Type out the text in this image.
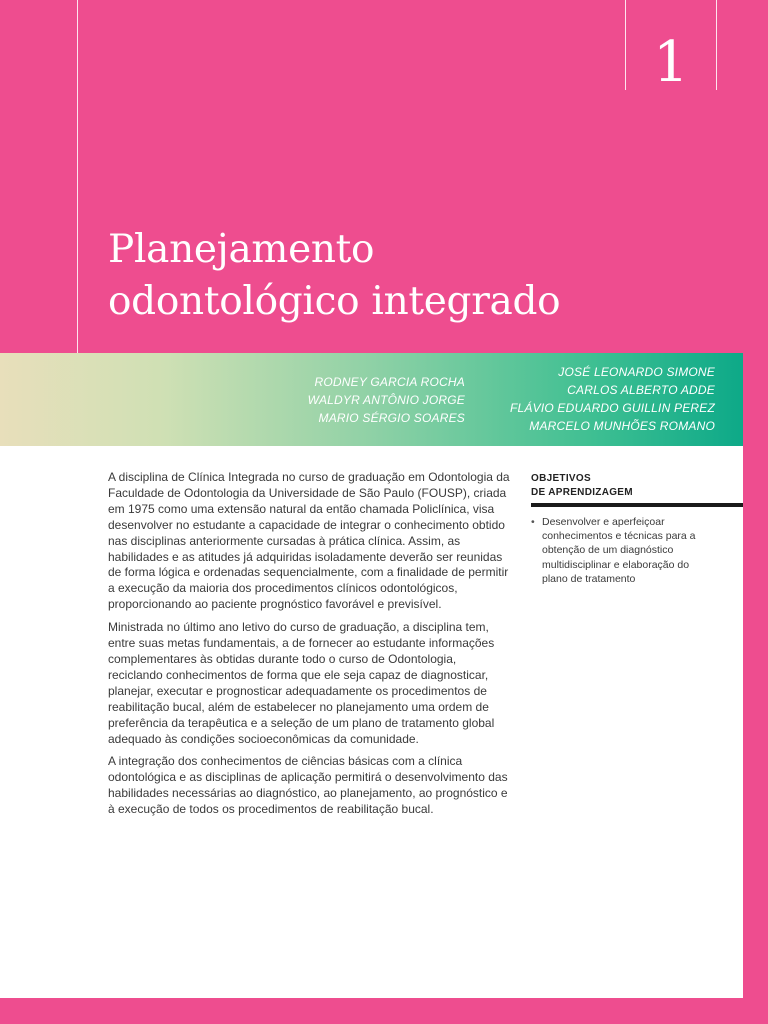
1
Planejamento
odontológico integrado
RODNEY GARCIA ROCHA
WALDYR ANTÔNIO JORGE
MARIO SÉRGIO SOARES
JOSÉ LEONARDO SIMONE
CARLOS ALBERTO ADDE
FLÁVIO EDUARDO GUILLIN PEREZ
MARCELO MUNHÕES ROMANO

A disciplina de Clínica Integrada no curso de graduação em Odontologia da Faculdade de Odontologia da Universidade de São Paulo (FOUSP), criada em 1975 como uma extensão natural da então chamada Policlínica, visa desenvolver no estudante a capacidade de integrar o conhecimento obtido nas disciplinas anteriormente cursadas à prática clínica. Assim, as habilidades e as atitudes já adquiridas isoladamente deverão ser reunidas de forma lógica e ordenadas sequencialmente, com a finalidade de permitir a execução da maioria dos procedimentos clínicos odontológicos, proporcionando ao paciente prognóstico favorável e previsível.

Ministrada no último ano letivo do curso de graduação, a disciplina tem, entre suas metas fundamentais, a de fornecer ao estudante informações complementares às obtidas durante todo o curso de Odontologia, reciclando conhecimentos de forma que ele seja capaz de diagnosticar, planejar, executar e prognosticar adequadamente os procedimentos de reabilitação bucal, além de estabelecer no planejamento uma ordem de preferência da terapêutica e a seleção de um plano de tratamento global adequado às condições socioeconômicas da comunidade.

A integração dos conhecimentos de ciências básicas com a clínica odontológica e as disciplinas de aplicação permitirá o desenvolvimento das habilidades necessárias ao diagnóstico, ao planejamento, ao prognóstico e à execução de todos os procedimentos de reabilitação bucal.

OBJETIVOS
DE APRENDIZAGEM
• Desenvolver e aperfeiçoar conhecimentos e técnicas para a obtenção de um diagnóstico multidisciplinar e elaboração do plano de tratamento
